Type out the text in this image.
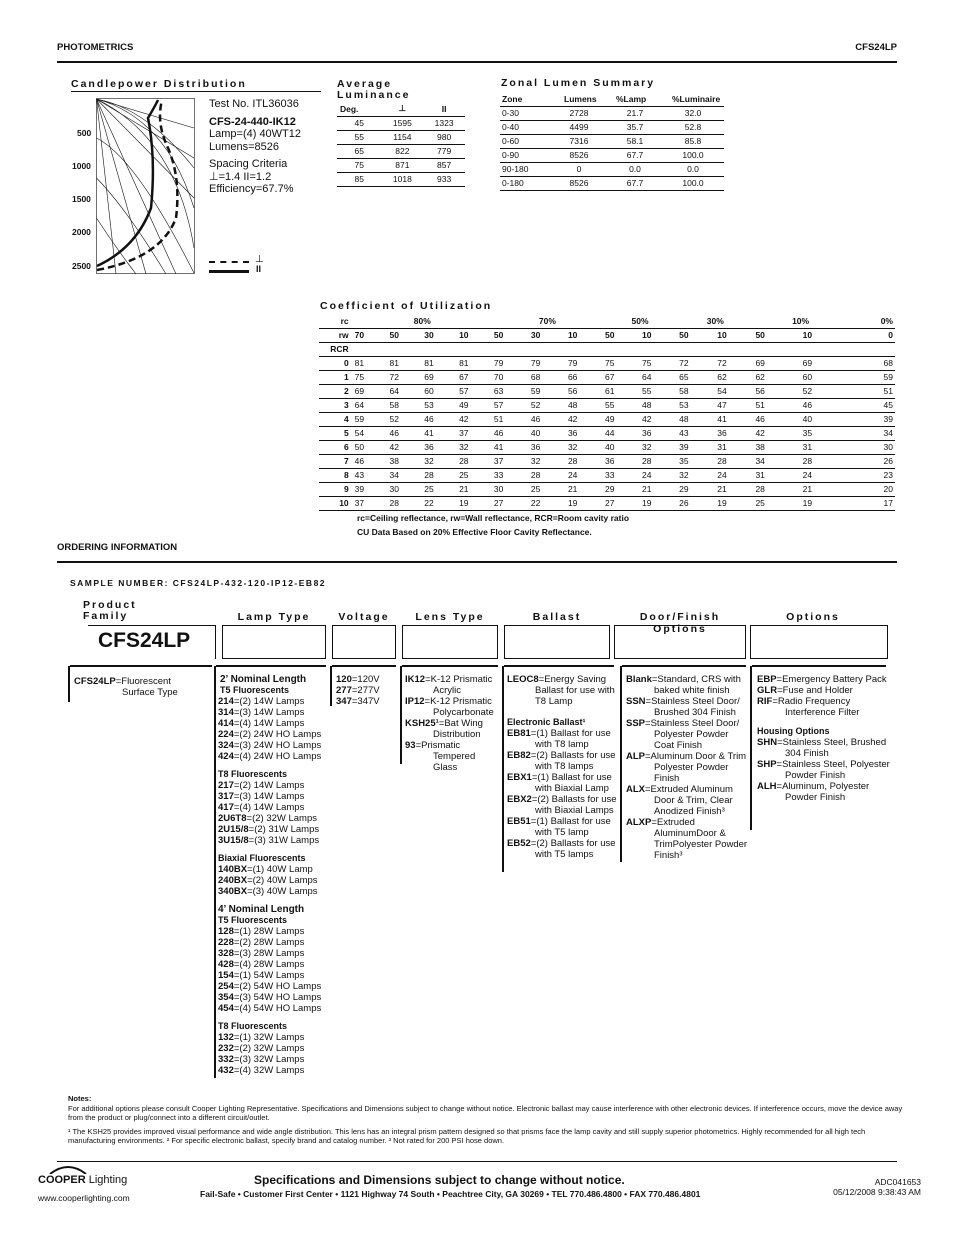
PHOTOMETRICS	CFS24LP
Candlepower Distribution
500
1000
1500
2000
2500
Test No. ITL36036
CFS-24-440-IK12
Lamp=(4) 40WT12
Lumens=8526
Spacing Criteria
⊥=1.4 II=1.2
Efficiency=67.7%
⊥
II
Average
Luminance
Deg.	⊥	II
45	1595	1323
55	1154	980
65	822	779
75	871	857
85	1018	933
Zonal Lumen Summary
Zone	Lumens	%Lamp	%Luminaire
0-30	2728	21.7	32.0
0-40	4499	35.7	52.8
0-60	7316	58.1	85.8
0-90	8526	67.7	100.0
90-180	0	0.0	0.0
0-180	8526	67.7	100.0
Coefficient of Utilization
rc	80%				70%			50%		30%		10%		0%
rw	70	50	30	10	50	30	10	50	10	50	10	50	10	0
RCR														
0	81	81	81	81	79	79	79	75	75	72	72	69	69	68
1	75	72	69	67	70	68	66	67	64	65	62	62	60	59
2	69	64	60	57	63	59	56	61	55	58	54	56	52	51
3	64	58	53	49	57	52	48	55	48	53	47	51	46	45
4	59	52	46	42	51	46	42	49	42	48	41	46	40	39
5	54	46	41	37	46	40	36	44	36	43	36	42	35	34
6	50	42	36	32	41	36	32	40	32	39	31	38	31	30
7	46	38	32	28	37	32	28	36	28	35	28	34	28	26
8	43	34	28	25	33	28	24	33	24	32	24	31	24	23
9	39	30	25	21	30	25	21	29	21	29	21	28	21	20
10	37	28	22	19	27	22	19	27	19	26	19	25	19	17
rc=Ceiling reflectance, rw=Wall reflectance, RCR=Room cavity ratio
CU Data Based on 20% Effective Floor Cavity Reflectance.
ORDERING INFORMATION
SAMPLE NUMBER: CFS24LP-432-120-IP12-EB82
Product
Family	Lamp Type	Voltage	Lens Type	Ballast	Door/Finish Options
Options
CFS24LP
CFS24LP=Fluorescent
Surface Type
2’ Nominal Length
T5 Fluorescents
214=(2) 14W Lamps
314=(3) 14W Lamps
414=(4) 14W Lamps
224=(2) 24W HO Lamps
324=(3) 24W HO Lamps
424=(4) 24W HO Lamps
T8 Fluorescents
217=(2) 14W Lamps
317=(3) 14W Lamps
417=(4) 14W Lamps
2U6T8=(2) 32W Lamps
2U15/8=(2) 31W Lamps
3U15/8=(3) 31W Lamps
Biaxial Fluorescents
140BX=(1) 40W Lamp
240BX=(2) 40W Lamps
340BX=(3) 40W Lamps
4’ Nominal Length
T5 Fluorescents
128=(1) 28W Lamps
228=(2) 28W Lamps
328=(3) 28W Lamps
428=(4) 28W Lamps
154=(1) 54W Lamps
254=(2) 54W HO Lamps
354=(3) 54W HO Lamps
454=(4) 54W HO Lamps
T8 Fluorescents
132=(1) 32W Lamps
232=(2) 32W Lamps
332=(3) 32W Lamps
432=(4) 32W Lamps
120=120V
277=277V
347=347V
IK12=K-12 Prismatic Acrylic
IP12=K-12 Prismatic Polycarbonate
KSH25¹=Bat Wing Distribution
93=Prismatic Tempered Glass
LEOC8=Energy Saving Ballast for use with T8 Lamp
Electronic Ballast¹
EB81=(1) Ballast for use with T8 lamp
EB82=(2) Ballasts for use with T8 lamps
EBX1=(1) Ballast for use with Biaxial Lamp
EBX2=(2) Ballasts for use with Biaxial Lamps
EB51=(1) Ballast for use with T5 lamp
EB52=(2) Ballasts for use with T5 lamps
Blank=Standard, CRS with baked white finish
SSN=Stainless Steel Door/ Brushed 304 Finish
SSP=Stainless Steel Door/ Polyester Powder Coat Finish
ALP=Aluminum Door & Trim Polyester Powder Finish
ALX=Extruded Aluminum Door & Trim, Clear Anodized Finish³
ALXP=Extruded AluminumDoor & TrimPolyester Powder Finish³
EBP=Emergency Battery Pack
GLR=Fuse and Holder
RIF=Radio Frequency Interference Filter
Housing Options
SHN=Stainless Steel, Brushed 304 Finish
SHP=Stainless Steel, Polyester Powder Finish
ALH=Aluminum, Polyester Powder Finish
Notes:
For additional options please consult Cooper Lighting Representative. Specifications and Dimensions subject to change without notice. Electronic ballast may cause interference with other electronic devices. If interference occurs, move the device away from the product or plug/connect into a different circuit/outlet.
¹ The KSH25 provides improved visual performance and wide angle distribution. This lens has an integral prism pattern designed so that prisms face the lamp cavity and still supply superior photometrics. Highly recommended for all high tech manufacturing environments. ² For specific electronic ballast, specify brand and catalog number. ³ Not rated for 200 PSI hose down.
COOPER Lighting
www.cooperlighting.com
Specifications and Dimensions subject to change without notice.
Fail-Safe • Customer First Center • 1121 Highway 74 South • Peachtree City, GA 30269 • TEL 770.486.4800 • FAX 770.486.4801
ADC041653
05/12/2008 9:38:43 AM
